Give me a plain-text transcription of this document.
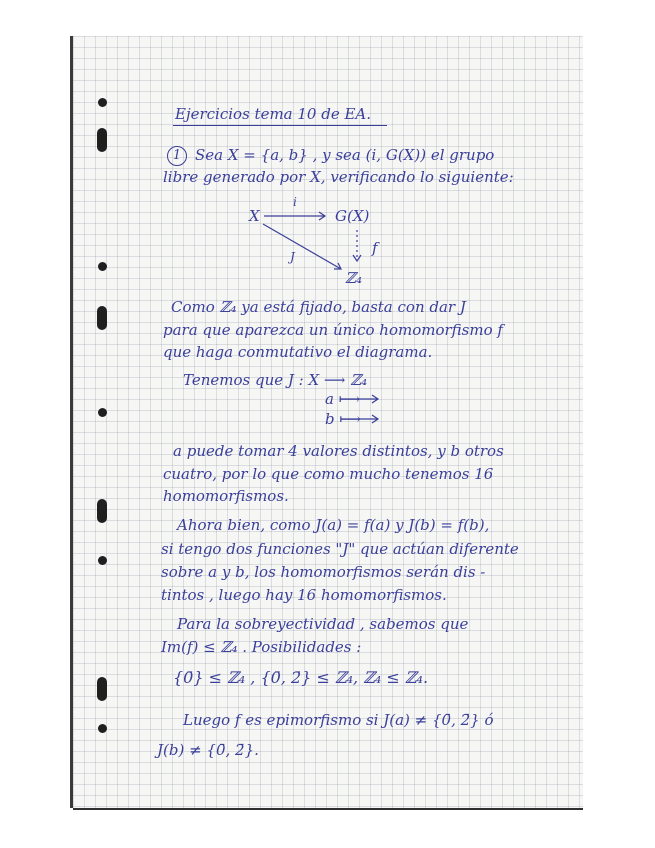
Ejercicios tema 10 de EA.
1 Sea X = {a, b} , y sea (i, G(X)) el grupo
libre generado por X, verificando lo siguiente:
X	G(X)
ℤ₄
i
J	f
Como ℤ₄ ya está fijado, basta con dar J
para que aparezca un único homomorfismo f
que haga conmutativo el diagrama.
Tenemos que J : X ⟶ ℤ₄
a ⟼
b ⟼
a puede tomar 4 valores distintos, y b otros
cuatro, por lo que como mucho tenemos 16
homomorfismos.
Ahora bien, como J(a) = f(a) y J(b) = f(b),
si tengo dos funciones "J" que actúan diferente
sobre a y b, los homomorfismos serán dis -
tintos , luego hay 16 homomorfismos.
Para la sobreyectividad , sabemos que
Im(f) ≤ ℤ₄ . Posibilidades :
{0̄} ≤ ℤ₄ , {0̄, 2̄} ≤ ℤ₄, ℤ₄ ≤ ℤ₄.
Luego f es epimorfismo si J(a) ≠ {0̄, 2̄} ó
J(b) ≠ {0̄, 2̄}.
